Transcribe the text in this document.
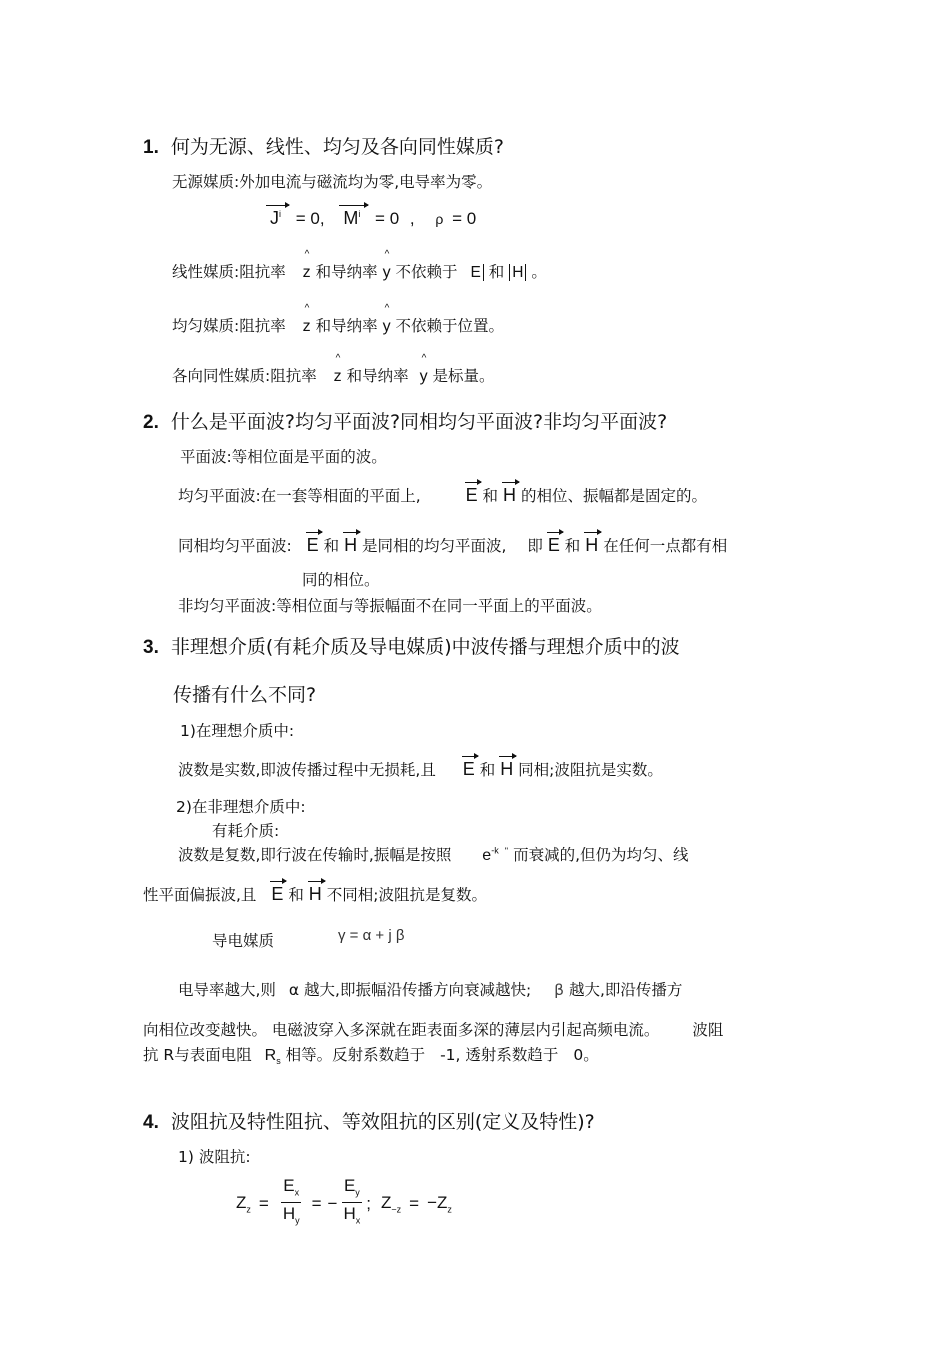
1. 何为无源、线性、均匀及各向同性媒质?
无源媒质:外加电流与磁流均为零,电导率为零。
$J^i = 0$, $M^i = 0$ , ρ = 0
线性媒质:阻抗率 ^ z 和导纳率 ^ y 不依赖于 E 和 H 。
均匀媒质:阻抗率 ^ z 和导纳率 ^ y 不依赖于位置。
各向同性媒质:阻抗率 ^ z 和导纳率 ^ y 是标量。
2. 什么是平面波?均匀平面波?同相均匀平面波?非均匀平面波?
平面波:等相位面是平面的波。
均匀平面波:在一套等相面的平面上, E 和 H 的相位、振幅都是固定的。
同相均匀平面波: E 和 H 是同相的均匀平面波, 即 E 和 H 在任何一点都有相
同的相位。
非均匀平面波:等相位面与等振幅面不在同一平面上的平面波。
3. 非理想介质(有耗介质及导电媒质)中波传播与理想介质中的波
传播有什么不同?
1)在理想介质中:
波数是实数,即波传播过程中无损耗,且 E 和 H 同相;波阻抗是实数。
2)在非理想介质中:
有耗介质:
波数是复数,即行波在传输时,振幅是按照 $e^{-k}$ '' 而衰减的,但仍为均匀、线
性平面偏振波,且 E 和 H 不同相;波阻抗是复数。
导电媒质	γ = α + j β
电导率越大,则 α 越大,即振幅沿传播方向衰减越快; β 越大,即沿传播方
向相位改变越快。 电磁波穿入多深就在距表面多深的薄层内引起高频电流。 波阻
抗 R与表面电阻 $R_s$ 相等。反射系数趋于 -1, 透射系数趋于 0。
4. 波阻抗及特性阻抗、等效阻抗的区别(定义及特性)?
1) 波阻抗:
$Z_z = \frac{E_x}{H_y}$ = − $\frac{E_y}{H_x}$ ; $Z_{-z} = -Z_z$
